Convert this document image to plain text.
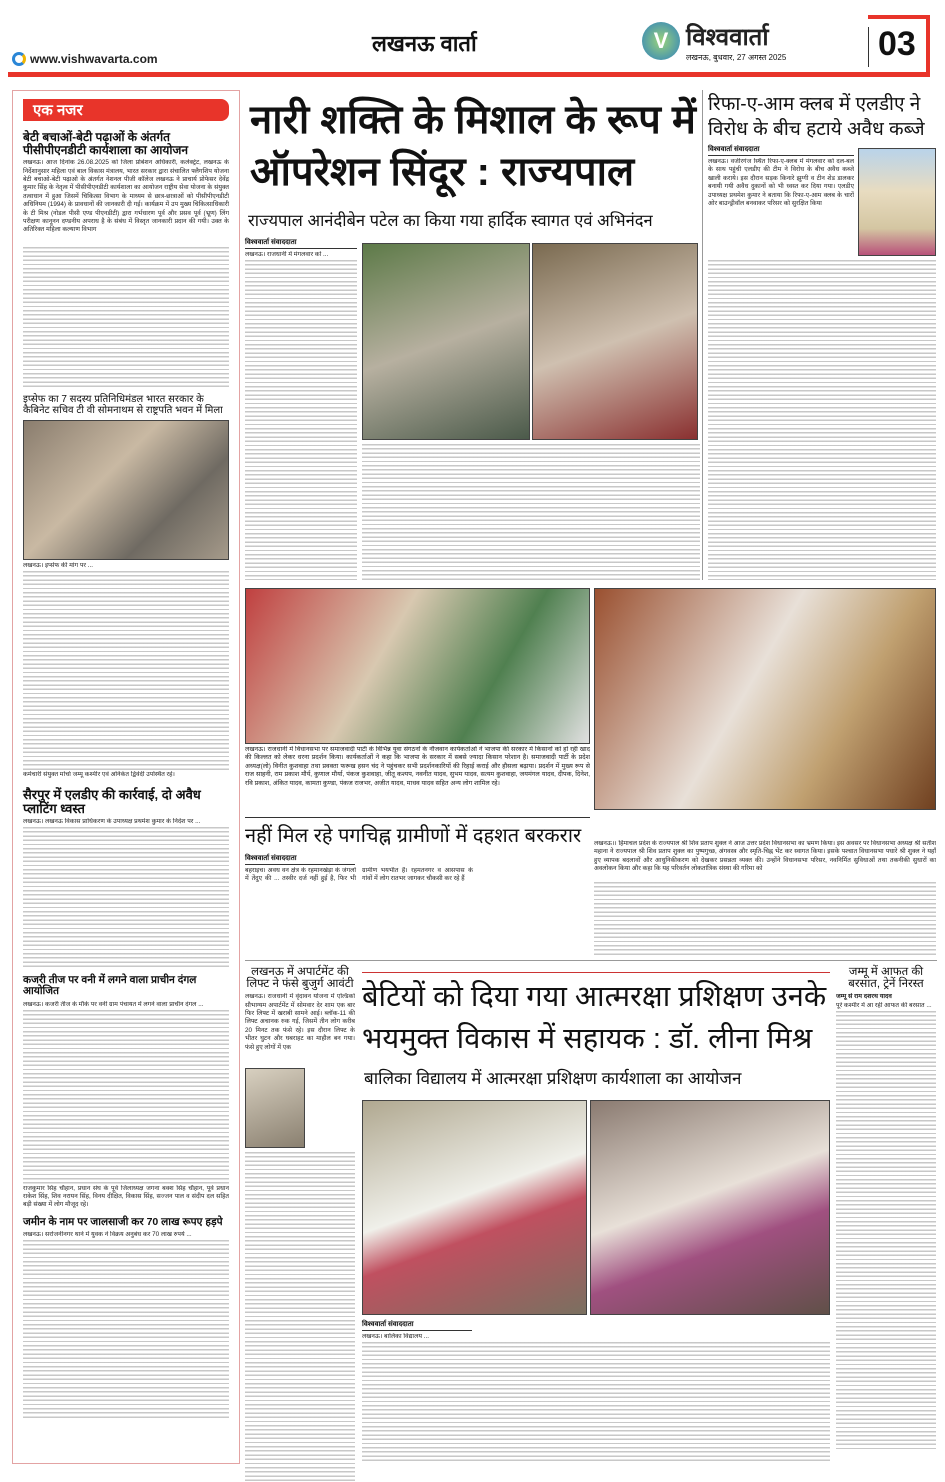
www.vishwavarta.com
लखनऊ वार्ता	V विश्ववार्ता
लखनऊ, बुधवार, 27 अगस्त 2025	03
एक नजर
बेटी बचाओं-बेटी पढ़ाओं के अंतर्गत पीसीपीएनडीटी कार्यशाला का आयोजन
लखनऊ। आज दिनांक 26.08.2025 को जिला प्रोबेशन अधिकारी, कलेक्ट्रेट, लखनऊ के निर्देशानुसार महिला एवं बाल विकास मंत्रालय, भारत सरकार द्वारा संचालित फ्लैगशिप योजना बेटी बचाओ-बेटी पढ़ाओ के अंतर्गत नेशनल पीजी कॉलेज लखनऊ ने प्राचार्य प्रोफेसर देवेंद्र कुमार सिंह के नेतृत्व में पीसीपीएनडीटी कार्यशाला का आयोजन राष्ट्रीय सेवा योजना के संयुक्त तत्वाधान में हुआ जिसमें चिकित्सा विभाग के माध्यम से छात्र-छात्राओं को पीसीपीएनडीटी अधिनियम (1994) के प्रावधानों की जानकारी दी गई। कार्यक्रम में उप मुख्य चिकित्साधिकारी के टी मिश्र (नोडल पीसी एण्ड पीएनडीटी) द्वारा गर्भधारण पूर्व और प्रसव पूर्व (भ्रूण) लिंग परीक्षण कानूनन दण्डनीय अपराध है के संबंध में विस्तृत जानकारी प्रदान की गयी। उक्त के अतिरिक्त महिला कल्याण विभाग
इप्सेफ का 7 सदस्य प्रतिनिधिमंडल भारत सरकार के कैबिनेट सचिव टी वी सोमनाथम से राष्ट्रपति भवन में मिला
लखनऊ। इप्सेफ की मांग पर ...
कर्मचारी संयुक्त मोर्चा जम्मू कश्मीर एवं अनिकेत द्विवेदी उपस्थित रहे।
सैरपुर में एलडीए की कार्रवाई, दो अवैध प्लाटिंग ध्वस्त
लखनऊ। लखनऊ विकास प्राधिकरण के उपाध्यक्ष प्रथमेश कुमार के निर्देश पर ...
कजरी तीज पर वनी में लगने वाला प्राचीन दंगल आयोजित
लखनऊ। कजरी तीज के मौके पर वनी ग्राम पंचायत में लगने वाला प्राचीन दंगल ...
राजकुमार सिंह चौहान, प्रधान संघ के पूर्व जिलाध्यक्ष जगना बक्श सिंह चौहान, पूर्व प्रधान राकेश सिंह, शिव नरायन सिंह, विनय दीक्षित, विकास सिंह, सज्जन पाल व संदीप दल सहित बड़ी संख्या में लोग मौजूद रहे।
जमीन के नाम पर जालसाजी कर 70 लाख रूपए हड़पे
लखनऊ। सरोजनीनगर थाने में युवक ने विक्रय अनुबंध कर 70 लाख रुपये ...
नारी शक्ति के मिशाल के रूप में ऑपरेशन सिंदूर : राज्यपाल
राज्यपाल आनंदीबेन पटेल का किया गया हार्दिक स्वागत एवं अभिनंदन
विश्ववार्ता संवाददाता
लखनऊ। राजधानी में मंगलवार को ...
रिफा-ए-आम क्लब में एलडीए ने विरोध के बीच हटाये अवैध कब्जे
विश्ववार्ता संवाददाता
लखनऊ। वजीरगंज स्थित रिफा-ए-क्लब में मंगलवार को दल-बल के साथ पहुंची एलडीए की टीम ने विरोध के बीच अवैध कब्जे खाली कराये। इस दौरान सड़क किनारे झुग्गी व टीन शेड डालकर बनायी गयी अवैध दुकानों को भी ध्वस्त कर दिया गया। एलडीए उपाध्यक्ष प्रथमेश कुमार ने बताया कि रिफा-ए-आम क्लब के चारों ओर बाउन्ड्रीवॉल बनवाकर परिसर को सुरक्षित किया
लखनऊ। राजधानी में विधानसभा पर समाजवादी पार्टी के विभिन्न युवा संगठनों के नौजवान कार्यकर्ताओं ने भाजपा की सरकार में किसानों को हो रही खाद की किल्लत को लेकर धरना प्रदर्शन किया। कार्यकर्ताओं ने कहा कि भाजपा के सरकार में सबसे ज्यादा किसान परेशान है। समाजवादी पार्टी के प्रदेश अध्यक्ष(लो) विनीत कुशवाहा तथा प्रवक्ता फरूख हसन चंद ने पहुंचकर सभी प्रदर्शनकारियों की रिहाई कराई और हौसला बढ़ाया। प्रदर्शन में मुख्य रूप से राज साहनी, राम प्रकाश मौर्य, कुणाल मौर्या, पंकज कुशवाहा, जीतू कश्यप, नवनीत यादव, सुभम यादव, सत्यम कुशवाहा, जयमंगल यादव, दीपक, दिनेश, रवि प्रकाश, अंकित यादव, कामता कुण्डा, पंकज राजभर, अजीत यादव, माधव यादव सहित अन्य लोग शामिल रहे।
लखनऊ।। हिमाचल प्रदेश के राज्यपाल श्री शिव प्रताप शुक्ल ने आज उत्तर प्रदेश विधानसभा का भ्रमण किया। इस अवसर पर विधानसभा अध्यक्ष श्री सतीश महाना ने राज्यपाल श्री शिव प्रताप शुक्ल का पुष्पगुच्छ, अंगवस्त्र और स्मृति-चिह्न भेंट कर स्वागत किया। इसके पश्चात विधानसभा पधारे श्री शुक्ल ने यहाँ हुए व्यापक बदलावों और आधुनिकीकरण को देखकर प्रसन्नता व्यक्त की। उन्होंने विधानसभा परिसर, नवनिर्मित सुविधाओं तथा तकनीकी सुधारों का अवलोकन किया और कहा कि यह परिवर्तन लोकतांत्रिक संस्था की गरिमा को
नहीं मिल रहे पगचिह्न ग्रामीणों में दहशत बरकरार
विश्ववार्ता संवाददाता
बहराइच। अवध वन क्षेत्र के रहमानखेड़ा के जंगलों में तेंदुए की ... तस्वीर दर्ज नहीं हुई है, फिर भी ग्रामीण भयभीत हैं। रहमतनगर व आसपास के गांवों में लोग रातभर जागकर चौकसी कर रहे हैं
लखनऊ में अपार्टमेंट की लिफ्ट ने फंसे बुजुर्ग आवंटी
लखनऊ। राजधानी में वृंदावन योजना में एल्डिको सौभाग्यम अपार्टमेंट में सोमवार देर शाम एक बार फिर लिफ्ट में खराबी सामने आई। ब्लॉक-11 की लिफ्ट अचानक रुक गई, जिसमें तीन लोग करीब 20 मिनट तक फंसे रहे। इस दौरान लिफ्ट के भीतर घुटन और घबराहट का माहौल बन गया। फंसे हुए लोगों में एक
बेटियों को दिया गया आत्मरक्षा प्रशिक्षण उनके भयमुक्त विकास में सहायक : डॉ. लीना मिश्र
बालिका विद्यालय में आत्मरक्षा प्रशिक्षण कार्यशाला का आयोजन
विश्ववार्ता संवाददाता
लखनऊ। बालिका विद्यालय ...
जम्मू में आफत की बरसात, ट्रेनें निरस्त
जम्मू से राम दशरथ यादव
पूरे कश्मीर में आ रही आफत की बरसात ...
